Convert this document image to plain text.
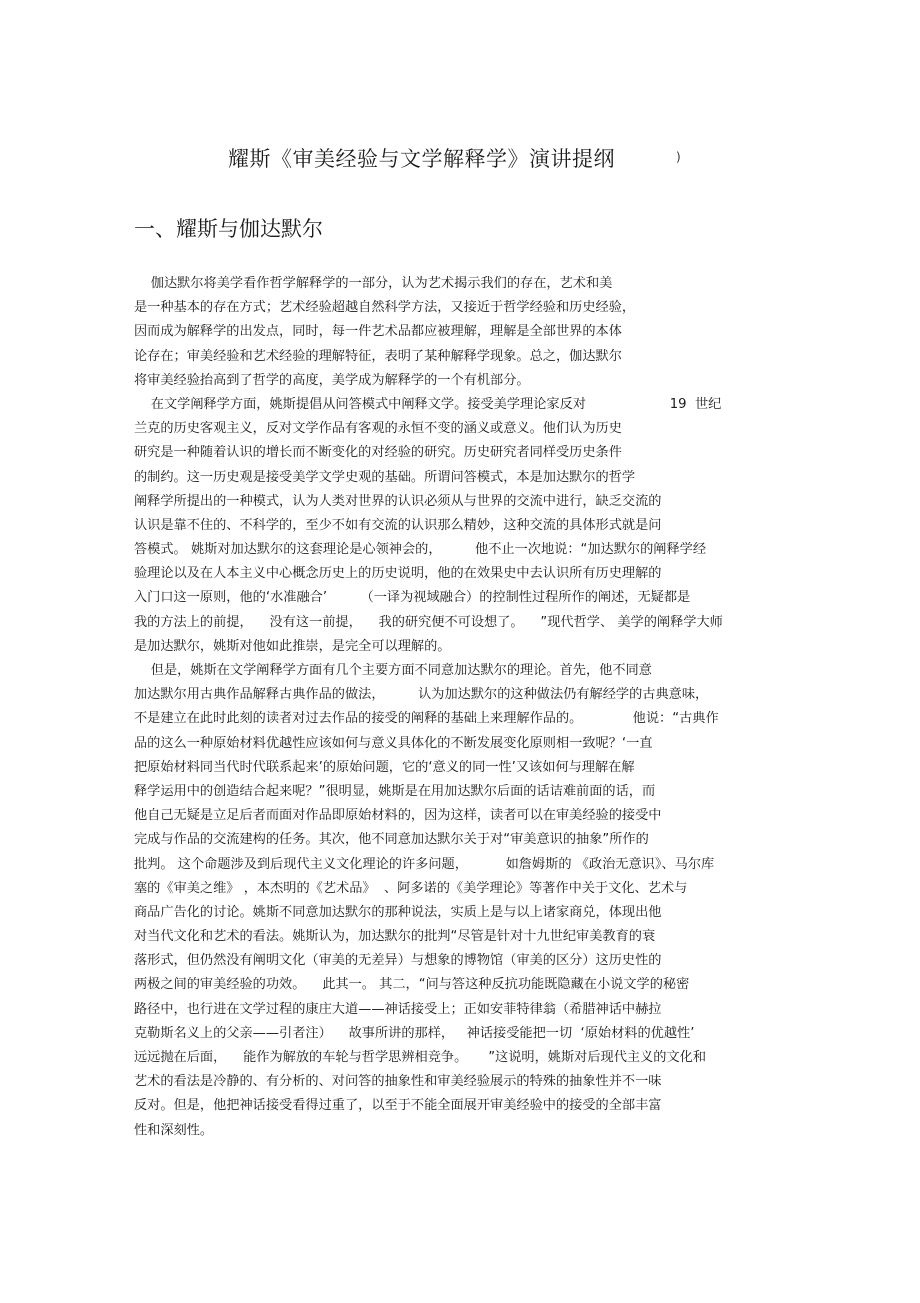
耀斯《审美经验与文学解释学》演讲提纲	)
一、耀斯与伽达默尔
伽达默尔将美学看作哲学解释学的一部分，认为艺术揭示我们的存在，艺术和美
是一种基本的存在方式；艺术经验超越自然科学方法，又接近于哲学经验和历史经验，
因而成为解释学的出发点，同时，每一件艺术品都应被理解，理解是全部世界的本体
论存在；审美经验和艺术经验的理解特征，表明了某种解释学现象。总之，伽达默尔
将审美经验抬高到了哲学的高度，美学成为解释学的一个有机部分。
在文学阐释学方面，姚斯提倡从问答模式中阐释文学。接受美学理论家反对                    19  世纪
兰克的历史客观主义，反对文学作品有客观的永恒不变的涵义或意义。他们认为历史
研究是一种随着认识的增长而不断变化的对经验的研究。历史研究者同样受历史条件
的制约。这一历史观是接受美学文学史观的基础。所谓问答模式，本是加达默尔的哲学
阐释学所提出的一种模式，认为人类对世界的认识必须从与世界的交流中进行，缺乏交流的
认识是靠不住的、不科学的，至少不如有交流的认识那么精妙，这种交流的具体形式就是问
答模式。 姚斯对加达默尔的这套理论是心领神会的，        他不止一次地说：“加达默尔的阐释学经
验理论以及在人本主义中心概念历史上的历史说明，他的在效果史中去认识所有历史理解的
入门口这一原则，他的‘水准融合’        （一译为视域融合）的控制性过程所作的阐述，无疑都是
我的方法上的前提，    没有这一前提，    我的研究便不可设想了。    ”现代哲学、 美学的阐释学大师
是加达默尔，姚斯对他如此推崇，是完全可以理解的。
但是，姚斯在文学阐释学方面有几个主要方面不同意加达默尔的理论。首先，他不同意
加达默尔用古典作品解释古典作品的做法，        认为加达默尔的这种做法仍有解经学的古典意味，
不是建立在此时此刻的读者对过去作品的接受的阐释的基础上来理解作品的。            他说：“古典作
品的这么一种原始材料优越性应该如何与意义具体化的不断发展变化原则相一致呢？‘一直
把原始材料同当代时代联系起来’的原始问题，它的‘意义的同一性’又该如何与理解在解
释学运用中的创造结合起来呢？”很明显，姚斯是在用加达默尔后面的话诘难前面的话，而
他自己无疑是立足后者而面对作品即原始材料的，因为这样，读者可以在审美经验的接受中
完成与作品的交流建构的任务。其次，他不同意加达默尔关于对“审美意识的抽象”所作的
批判。 这个命题涉及到后现代主义文化理论的许多问题，         如詹姆斯的 《政治无意识》、马尔库
塞的《审美之维》 ，本杰明的《艺术品》  、阿多诺的《美学理论》等著作中关于文化、艺术与
商品广告化的讨论。姚斯不同意加达默尔的那种说法，实质上是与以上诸家商兑，体现出他
对当代文化和艺术的看法。姚斯认为，加达默尔的批判“尽管是针对十九世纪审美教育的衰
落形式，但仍然没有阐明文化（审美的无差异）与想象的博物馆（审美的区分）这历史性的
两极之间的审美经验的功效。    此其一。 其二，“问与答这种反抗功能既隐藏在小说文学的秘密
路径中，也行进在文学过程的康庄大道——神话接受上；正如安菲特律翁（希腊神话中赫拉
克勒斯名义上的父亲——引者注）    故事所讲的那样，   神话接受能把一切  ‘原始材料的优越性’
远远抛在后面，    能作为解放的车轮与哲学思辨相竞争。     ”这说明，姚斯对后现代主义的文化和
艺术的看法是冷静的、有分析的、对问答的抽象性和审美经验展示的特殊的抽象性并不一味
反对。但是，他把神话接受看得过重了，以至于不能全面展开审美经验中的接受的全部丰富
性和深刻性。
